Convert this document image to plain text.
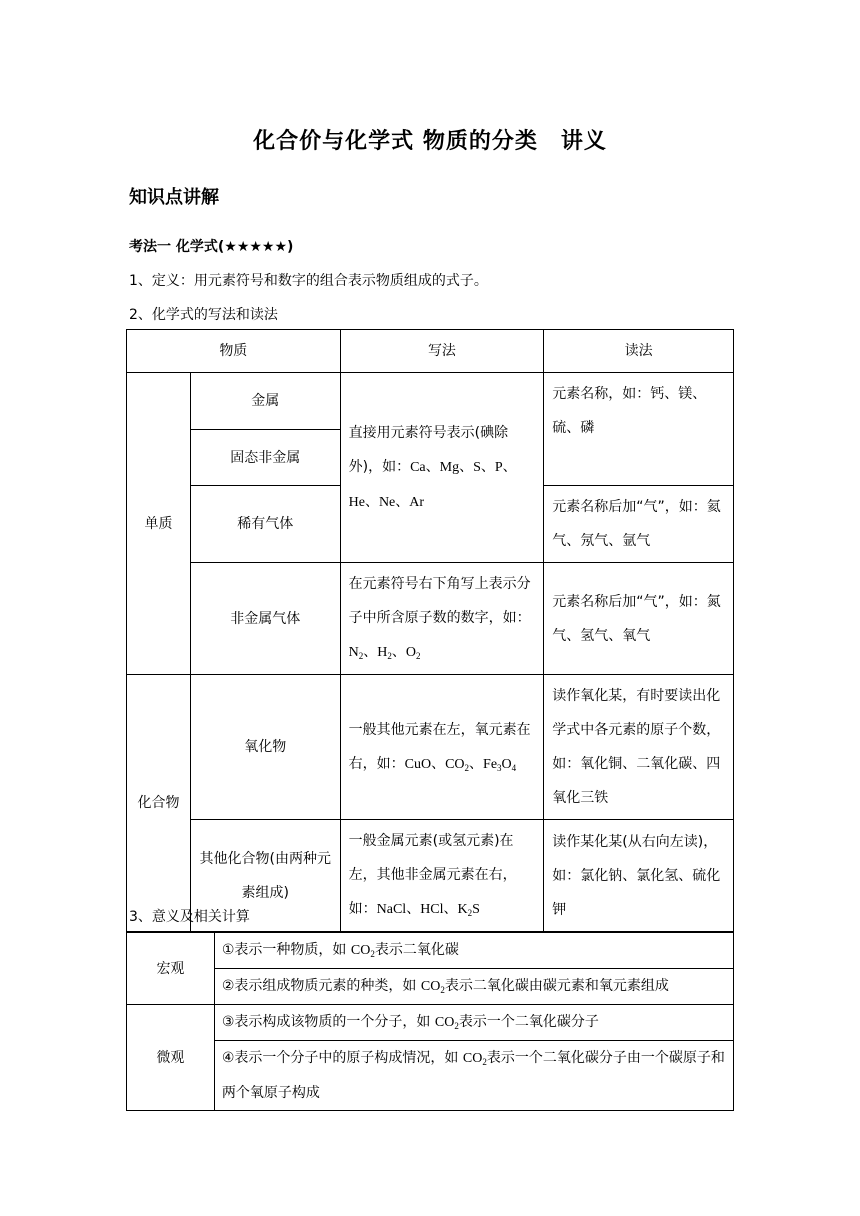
化合价与化学式 物质的分类　讲义
知识点讲解
考法一 化学式(★★★★★)
1、定义：用元素符号和数字的组合表示物质组成的式子。
2、化学式的写法和读法
物质		写法	读法
单质	金属	直接用元素符号表示(碘除外)，如：Ca、Mg、S、P、He、Ne、Ar	元素名称，如：钙、镁、硫、磷
	固态非金属		
	稀有气体		元素名称后加“气”，如：氦气、氖气、氩气
	非金属气体	在元素符号右下角写上表示分子中所含原子数的数字，如：$N_2$、$H_2$、$O_2$	元素名称后加“气”，如：氮气、氢气、氧气
化合物	氧化物	一般其他元素在左，氧元素在右，如：CuO、$CO_2$、$Fe_3O_4$	读作氧化某，有时要读出化学式中各元素的原子个数，如：氧化铜、二氧化碳、四氧化三铁
	其他化合物(由两种元素组成)	一般金属元素(或氢元素)在左，其他非金属元素在右，如：NaCl、HCl、$K_2S$	读作某化某(从右向左读)，如：氯化钠、氯化氢、硫化钾
3、意义及相关计算
宏观	①表示一种物质，如 $CO_2$表示二氧化碳
	②表示组成物质元素的种类，如 $CO_2$表示二氧化碳由碳元素和氧元素组成
微观	③表示构成该物质的一个分子，如 $CO_2$表示一个二氧化碳分子
	④表示一个分子中的原子构成情况，如 $CO_2$表示一个二氧化碳分子由一个碳原子和两个氧原子构成
